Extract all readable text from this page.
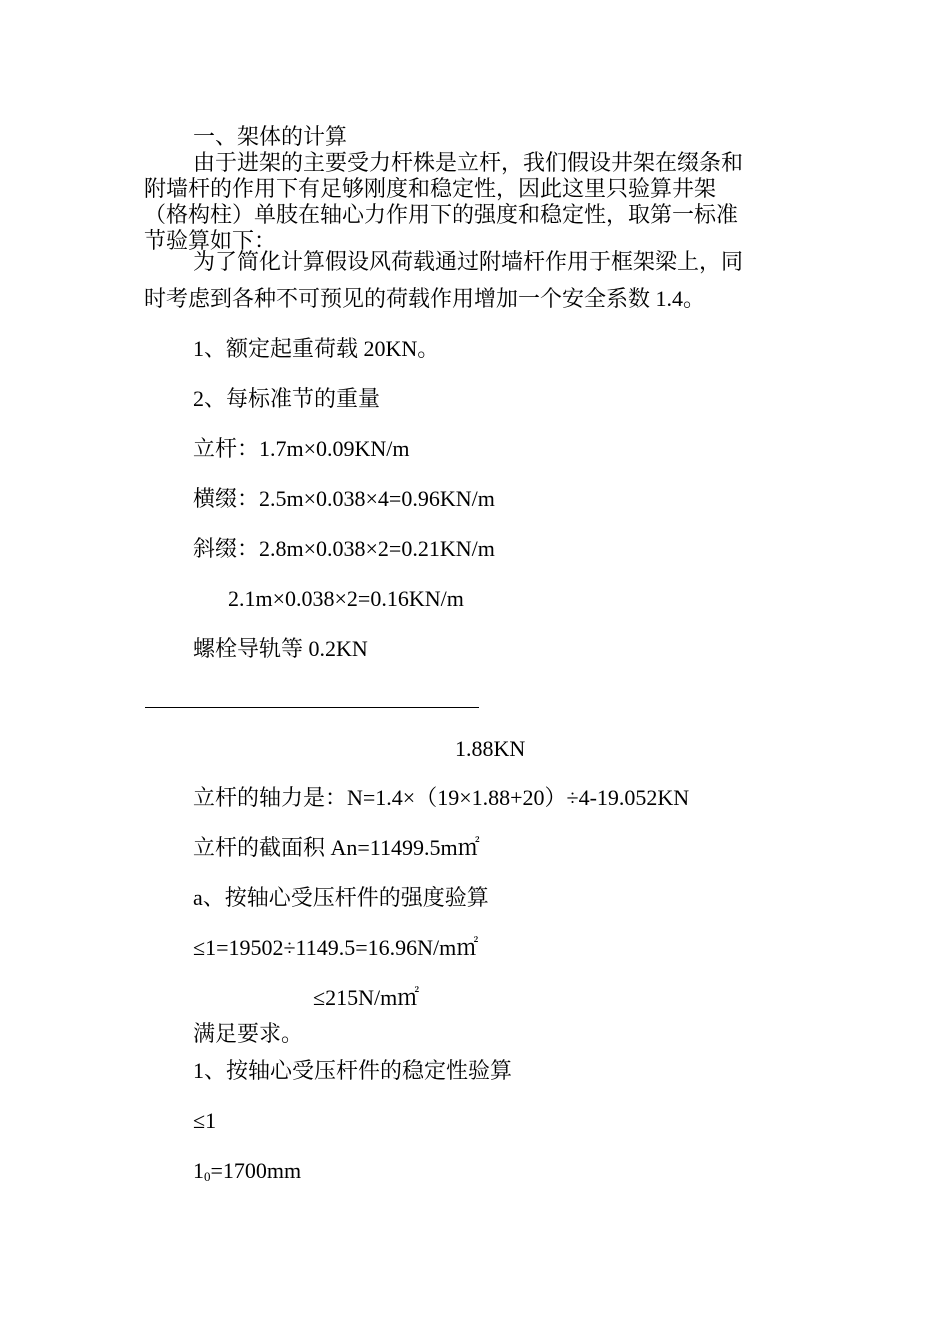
一、架体的计算
由于进架的主要受力杆株是立杆，我们假设井架在缀条和
附墙杆的作用下有足够刚度和稳定性，因此这里只验算井架
（格构柱）单肢在轴心力作用下的强度和稳定性，取第一标准
节验算如下：
为了简化计算假设风荷载通过附墙杆作用于框架梁上，同
时考虑到各种不可预见的荷载作用增加一个安全系数 1.4。
1、额定起重荷载 20KN。
2、每标准节的重量
立杆：1.7m×0.09KN/m
横缀：2.5m×0.038×4=0.96KN/m
斜缀：2.8m×0.038×2=0.21KN/m
2.1m×0.038×2=0.16KN/m
螺栓导轨等 0.2KN
1.88KN
立杆的轴力是：N=1.4×（19×1.88+20）÷4-19.052KN
立杆的截面积 An=11499.5m㎡
a、按轴心受压杆件的强度验算
≤1=19502÷1149.5=16.96N/m㎡
≤215N/m㎡
满足要求。
1、按轴心受压杆件的稳定性验算
≤1
$1_0=1700mm$
